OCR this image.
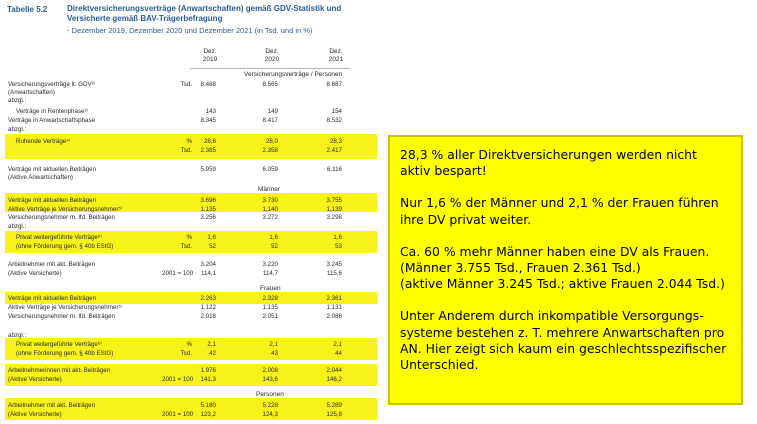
Tabelle 5.2 Direktversicherungsverträge (Anwartschaften) gemäß GDV-Statistik und Versicherte gemäß BAV-Trägerbefragung
- Dezember 2019, Dezember 2020 und Dezember 2021 (in Tsd. und in %)
Dez.
2019
Dez.
2020
Dez.
2021
Versicherungsverträge / Personen
Männer
Frauen
Personen
Versicherungsverträge lt. GDV²⁾	Tsd.	8.488	8.565	8.687
(Anwartschaften)
abzgl.:
Verträge in Rentenphase³⁾	143	149	154
Verträge in Anwartschaftsphase	8.345	8.417	8.532
abzgl.:
Ruhende Verträge⁴⁾	%	28,6	28,0	28,3
Tsd.	2.385	2.358	2.417
Verträge mit aktuellen Beiträgen	5.959	6.059	6.116
(Aktive Anwartschaften)
Verträge mit aktuellen Beiträgen	3.696	3.730	3.755
Aktive Verträge je Versicherungsnehmer⁵⁾	1,135	1,140	1,139
Versicherungsnehmer m. lfd. Beiträgen	3.256	3.272	3.298
abzgl.:
Privat weitergeführte Verträge⁶⁾	%	1,6	1,6	1,6
(ohne Förderung gem. § 40b EStG)	Tsd.	52	52	53
Arbeitnehmer mit akt. Beiträgen	3.204	3.220	3.245
(Aktive Versicherte)	2001 = 100	114,1	114,7	115,6
Verträge mit aktuellen Beiträgen	2.263	2.328	2.361
Aktive Verträge je Versicherungsnehmer⁵⁾	1,122	1,135	1,131
Versicherungsnehmer m. lfd. Beiträgen	2.018	2.051	2.088
abzgl.:
Privat weitergeführte Verträge⁶⁾	%	2,1	2,1	2,1
(ohne Förderung gem. § 40b EStG)	Tsd.	42	43	44
Arbeitnehmerinnen mit akt. Beiträgen	1.976	2.008	2.044
(Aktive Versicherte)	2001 = 100	141,3	143,6	146,2
Arbeitnehmer mit akt. Beiträgen	5.180	5.228	5.289
(Aktive Versicherte)	2001 = 100	123,2	124,3	125,8

28,3 % aller Direktversicherungen werden nicht aktiv bespart!

Nur 1,6 % der Männer und 2,1 % der Frauen führen ihre DV privat weiter.

Ca. 60 % mehr Männer haben eine DV als Frauen.
(Männer 3.755 Tsd., Frauen 2.361 Tsd.)
(aktive Männer 3.245 Tsd.; aktive Frauen 2.044 Tsd.)

Unter Anderem durch inkompatible Versorgungs-systeme bestehen z. T. mehrere Anwartschaften pro AN. Hier zeigt sich kaum ein geschlechtsspezifischer Unterschied.
